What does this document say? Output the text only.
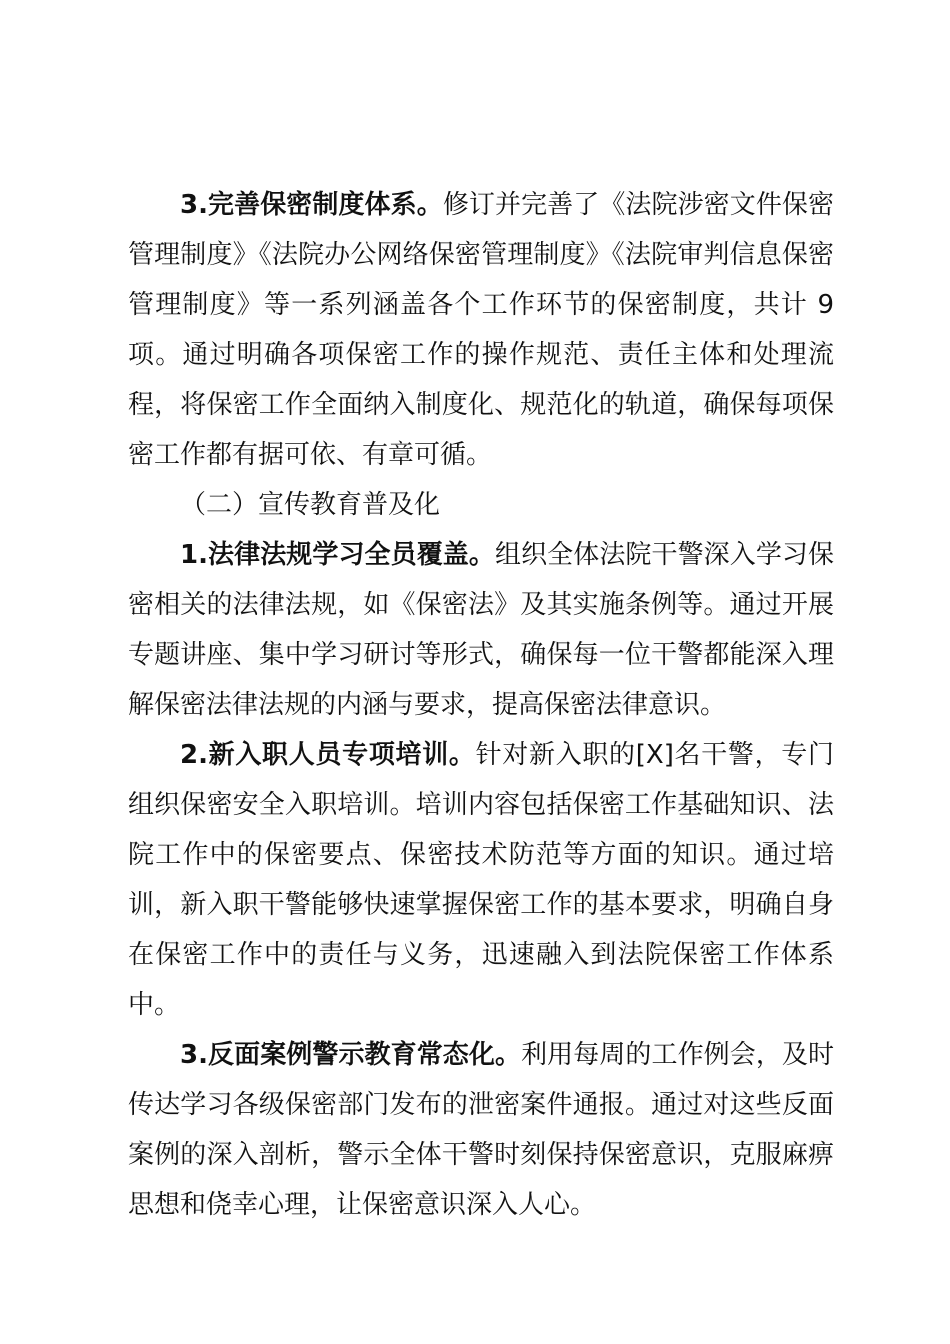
3.完善保密制度体系。修订并完善了《法院涉密文件保密管理制度》《法院办公网络保密管理制度》《法院审判信息保密管理制度》等一系列涵盖各个工作环节的保密制度，共计 9 项。通过明确各项保密工作的操作规范、责任主体和处理流程，将保密工作全面纳入制度化、规范化的轨道，确保每项保密工作都有据可依、有章可循。

（二）宣传教育普及化

1.法律法规学习全员覆盖。组织全体法院干警深入学习保密相关的法律法规，如《保密法》及其实施条例等。通过开展专题讲座、集中学习研讨等形式，确保每一位干警都能深入理解保密法律法规的内涵与要求，提高保密法律意识。

2.新入职人员专项培训。针对新入职的[X]名干警，专门组织保密安全入职培训。培训内容包括保密工作基础知识、法院工作中的保密要点、保密技术防范等方面的知识。通过培训，新入职干警能够快速掌握保密工作的基本要求，明确自身在保密工作中的责任与义务，迅速融入到法院保密工作体系中。

3.反面案例警示教育常态化。利用每周的工作例会，及时传达学习各级保密部门发布的泄密案件通报。通过对这些反面案例的深入剖析，警示全体干警时刻保持保密意识，克服麻痹思想和侥幸心理，让保密意识深入人心。
